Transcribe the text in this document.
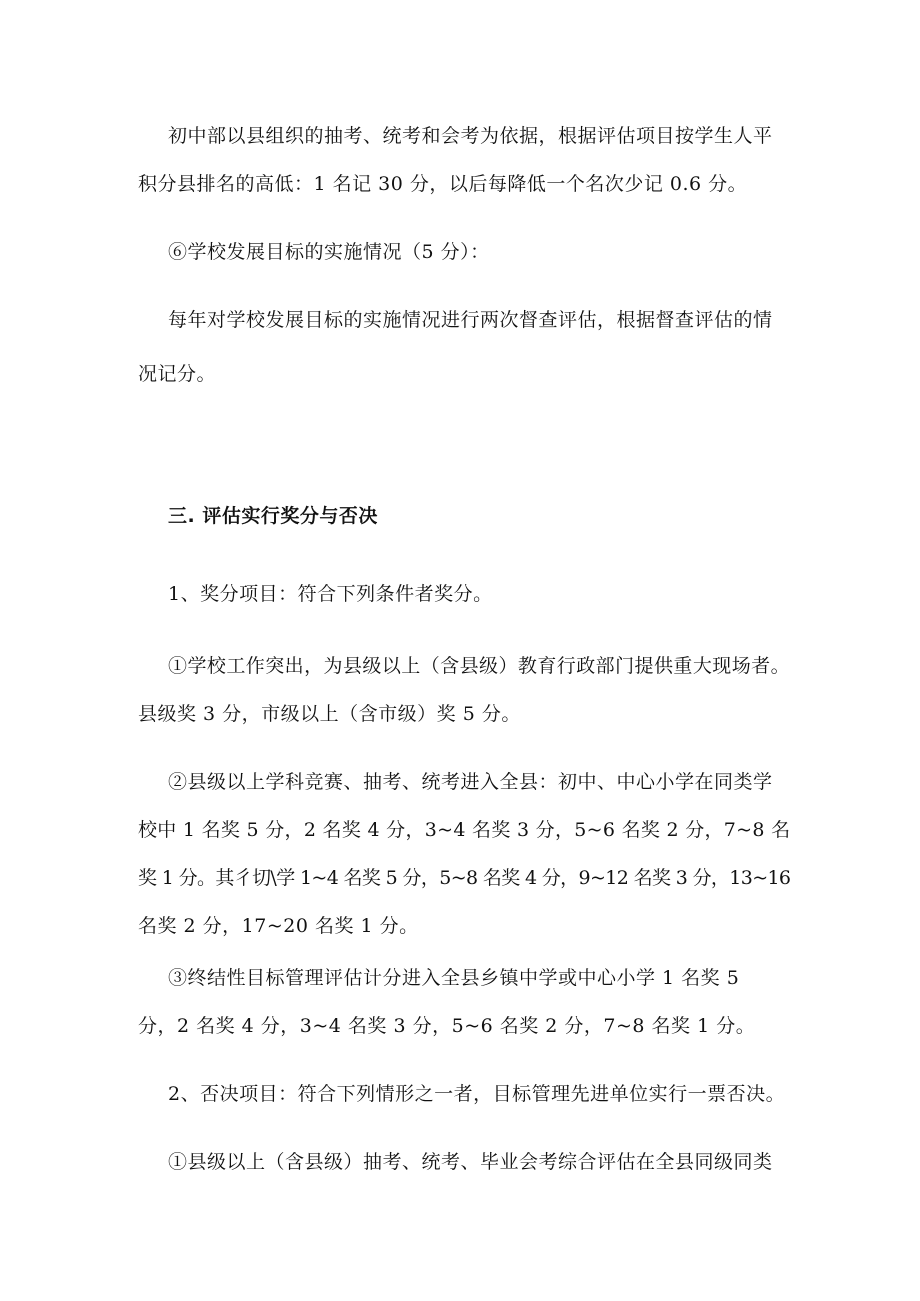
初中部以县组织的抽考、统考和会考为依据，根据评估项目按学生人平
积分县排名的高低：1 名记 30 分，以后每降低一个名次少记 0.6 分。
⑥学校发展目标的实施情况（5 分）：
每年对学校发展目标的实施情况进行两次督查评估，根据督查评估的情
况记分。
三. 评估实行奖分与否决
1、奖分项目：符合下列条件者奖分。
①学校工作突出，为县级以上（含县级）教育行政部门提供重大现场者。
县级奖 3 分，市级以上（含市级）奖 5 分。
②县级以上学科竞赛、抽考、统考进入全县：初中、中心小学在同类学
校中 1 名奖 5 分，2 名奖 4 分，3~4 名奖 3 分，5~6 名奖 2 分，7~8 名
奖 1 分。其彳切\学 1~4 名奖 5 分，5~8 名奖 4 分，9~12 名奖 3 分，13~16
名奖 2 分，17~20 名奖 1 分。
③终结性目标管理评估计分进入全县乡镇中学或中心小学 1 名奖 5
分，2 名奖 4 分，3~4 名奖 3 分，5~6 名奖 2 分，7~8 名奖 1 分。
2、否决项目：符合下列情形之一者，目标管理先进单位实行一票否决。
①县级以上（含县级）抽考、统考、毕业会考综合评估在全县同级同类
